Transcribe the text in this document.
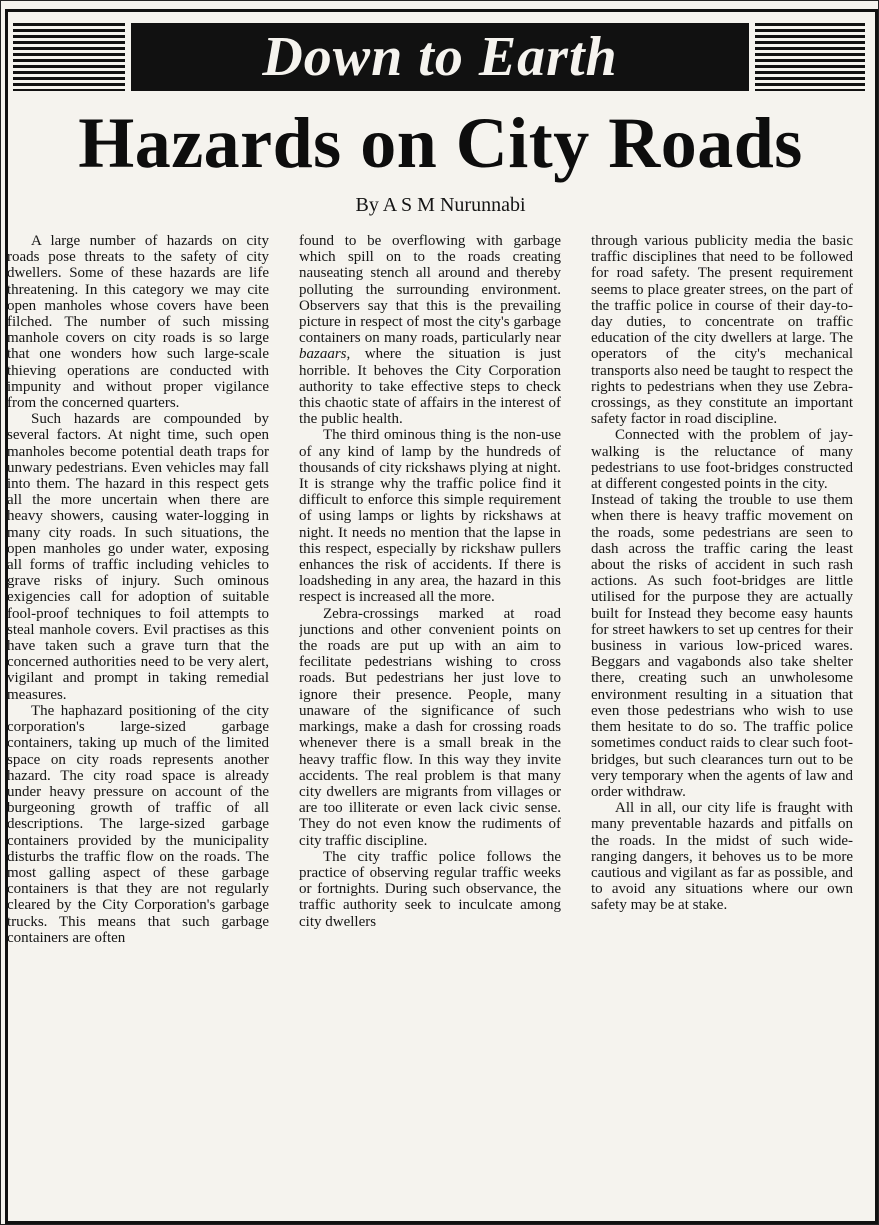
Down to Earth
Hazards on City Roads
By A S M Nurunnabi

A large number of hazards on city roads pose threats to the safety of city dwellers. Some of these hazards are life threatening. In this category we may cite open manholes whose covers have been filched. The number of such missing manhole covers on city roads is so large that one wonders how such large-scale thieving operations are conducted with impunity and without proper vigilance from the concerned quarters.

Such hazards are compounded by several factors. At night time, such open manholes become potential death traps for unwary pedestrians. Even vehicles may fall into them. The hazard in this respect gets all the more uncertain when there are heavy showers, causing water-logging in many city roads. In such situations, the open manholes go under water, exposing all forms of traffic including vehicles to grave risks of injury. Such ominous exigencies call for adoption of suitable fool-proof techniques to foil attempts to steal manhole covers. Evil practises as this have taken such a grave turn that the concerned authorities need to be very alert, vigilant and prompt in taking remedial measures.

The haphazard positioning of the city corporation's large-sized garbage containers, taking up much of the limited space on city roads represents another hazard. The city road space is already under heavy pressure on account of the burgeoning growth of traffic of all descriptions. The large-sized garbage containers provided by the municipality disturbs the traffic flow on the roads. The most galling aspect of these garbage containers is that they are not regularly cleared by the City Corporation's garbage trucks. This means that such garbage containers are often

found to be overflowing with garbage which spill on to the roads creating nauseating stench all around and thereby polluting the surrounding environment. Observers say that this is the prevailing picture in respect of most the city's garbage containers on many roads, particularly near bazaars, where the situation is just horrible. It behoves the City Corporation authority to take effective steps to check this chaotic state of affairs in the interest of the public health.

The third ominous thing is the non-use of any kind of lamp by the hundreds of thousands of city rickshaws plying at night. It is strange why the traffic police find it difficult to enforce this simple requirement of using lamps or lights by rickshaws at night. It needs no mention that the lapse in this respect, especially by rickshaw pullers enhances the risk of accidents. If there is loadsheding in any area, the hazard in this respect is increased all the more.

Zebra-crossings marked at road junctions and other convenient points on the roads are put up with an aim to fecilitate pedestrians wishing to cross roads. But pedestrians her just love to ignore their presence. People, many unaware of the significance of such markings, make a dash for crossing roads whenever there is a small break in the heavy traffic flow. In this way they invite accidents. The real problem is that many city dwellers are migrants from villages or are too illiterate or even lack civic sense. They do not even know the rudiments of city traffic discipline.

The city traffic police follows the practice of observing regular traffic weeks or fortnights. During such observance, the traffic authority seek to inculcate among city dwellers

through various publicity media the basic traffic disciplines that need to be followed for road safety. The present requirement seems to place greater strees, on the part of the traffic police in course of their day-to-day duties, to concentrate on traffic education of the city dwellers at large. The operators of the city's mechanical transports also need be taught to respect the rights to pedestrians when they use Zebra-crossings, as they constitute an important safety factor in road discipline.

Connected with the problem of jay-walking is the reluctance of many pedestrians to use foot-bridges constructed at different congested points in the city.

Instead of taking the trouble to use them when there is heavy traffic movement on the roads, some pedestrians are seen to dash across the traffic caring the least about the risks of accident in such rash actions. As such foot-bridges are little utilised for the purpose they are actually built for Instead they become easy haunts for street hawkers to set up centres for their business in various low-priced wares. Beggars and vagabonds also take shelter there, creating such an unwholesome environment resulting in a situation that even those pedestrians who wish to use them hesitate to do so. The traffic police sometimes conduct raids to clear such foot-bridges, but such clearances turn out to be very temporary when the agents of law and order withdraw.

All in all, our city life is fraught with many preventable hazards and pitfalls on the roads. In the midst of such wide-ranging dangers, it behoves us to be more cautious and vigilant as far as possible, and to avoid any situations where our own safety may be at stake.
